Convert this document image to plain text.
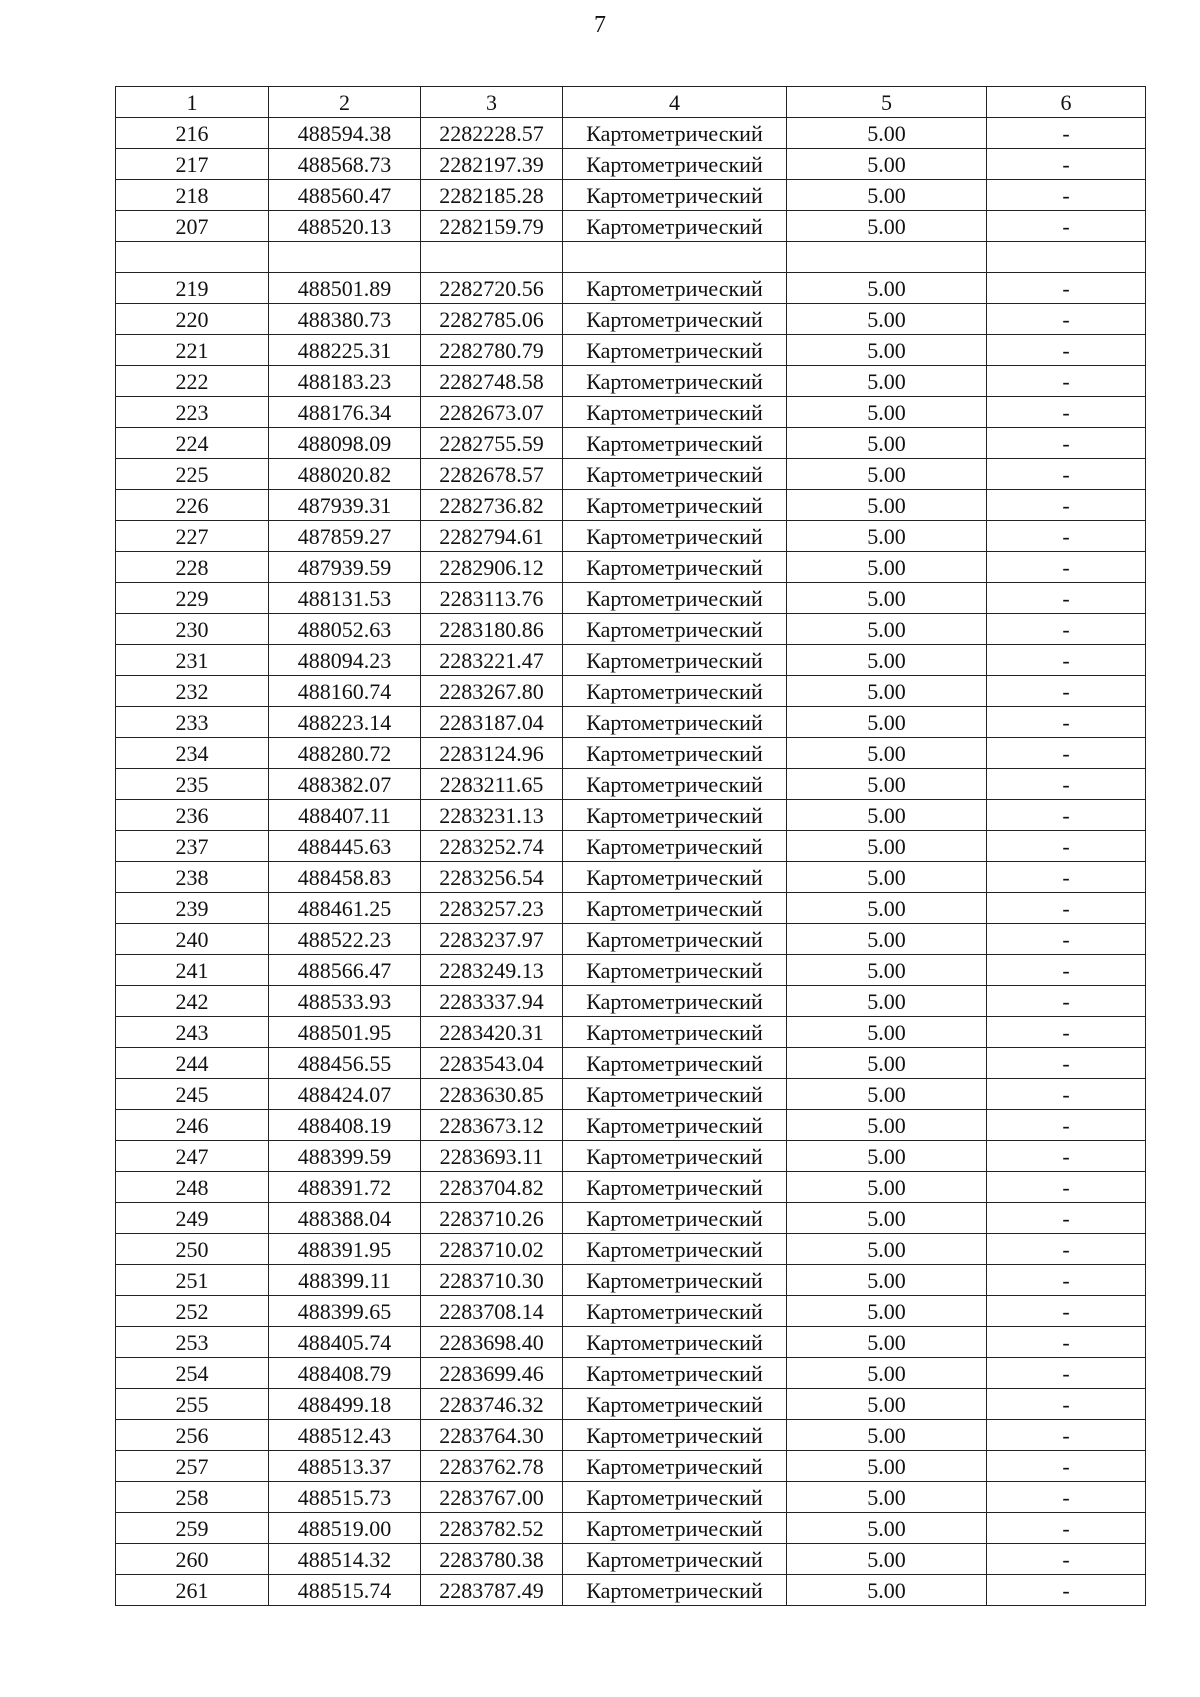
7
1	2	3	4	5	6
216	488594.38	2282228.57	Картометрический	5.00	-
217	488568.73	2282197.39	Картометрический	5.00	-
218	488560.47	2282185.28	Картометрический	5.00	-
207	488520.13	2282159.79	Картометрический	5.00	-

219	488501.89	2282720.56	Картометрический	5.00	-
220	488380.73	2282785.06	Картометрический	5.00	-
221	488225.31	2282780.79	Картометрический	5.00	-
222	488183.23	2282748.58	Картометрический	5.00	-
223	488176.34	2282673.07	Картометрический	5.00	-
224	488098.09	2282755.59	Картометрический	5.00	-
225	488020.82	2282678.57	Картометрический	5.00	-
226	487939.31	2282736.82	Картометрический	5.00	-
227	487859.27	2282794.61	Картометрический	5.00	-
228	487939.59	2282906.12	Картометрический	5.00	-
229	488131.53	2283113.76	Картометрический	5.00	-
230	488052.63	2283180.86	Картометрический	5.00	-
231	488094.23	2283221.47	Картометрический	5.00	-
232	488160.74	2283267.80	Картометрический	5.00	-
233	488223.14	2283187.04	Картометрический	5.00	-
234	488280.72	2283124.96	Картометрический	5.00	-
235	488382.07	2283211.65	Картометрический	5.00	-
236	488407.11	2283231.13	Картометрический	5.00	-
237	488445.63	2283252.74	Картометрический	5.00	-
238	488458.83	2283256.54	Картометрический	5.00	-
239	488461.25	2283257.23	Картометрический	5.00	-
240	488522.23	2283237.97	Картометрический	5.00	-
241	488566.47	2283249.13	Картометрический	5.00	-
242	488533.93	2283337.94	Картометрический	5.00	-
243	488501.95	2283420.31	Картометрический	5.00	-
244	488456.55	2283543.04	Картометрический	5.00	-
245	488424.07	2283630.85	Картометрический	5.00	-
246	488408.19	2283673.12	Картометрический	5.00	-
247	488399.59	2283693.11	Картометрический	5.00	-
248	488391.72	2283704.82	Картометрический	5.00	-
249	488388.04	2283710.26	Картометрический	5.00	-
250	488391.95	2283710.02	Картометрический	5.00	-
251	488399.11	2283710.30	Картометрический	5.00	-
252	488399.65	2283708.14	Картометрический	5.00	-
253	488405.74	2283698.40	Картометрический	5.00	-
254	488408.79	2283699.46	Картометрический	5.00	-
255	488499.18	2283746.32	Картометрический	5.00	-
256	488512.43	2283764.30	Картометрический	5.00	-
257	488513.37	2283762.78	Картометрический	5.00	-
258	488515.73	2283767.00	Картометрический	5.00	-
259	488519.00	2283782.52	Картометрический	5.00	-
260	488514.32	2283780.38	Картометрический	5.00	-
261	488515.74	2283787.49	Картометрический	5.00	-
